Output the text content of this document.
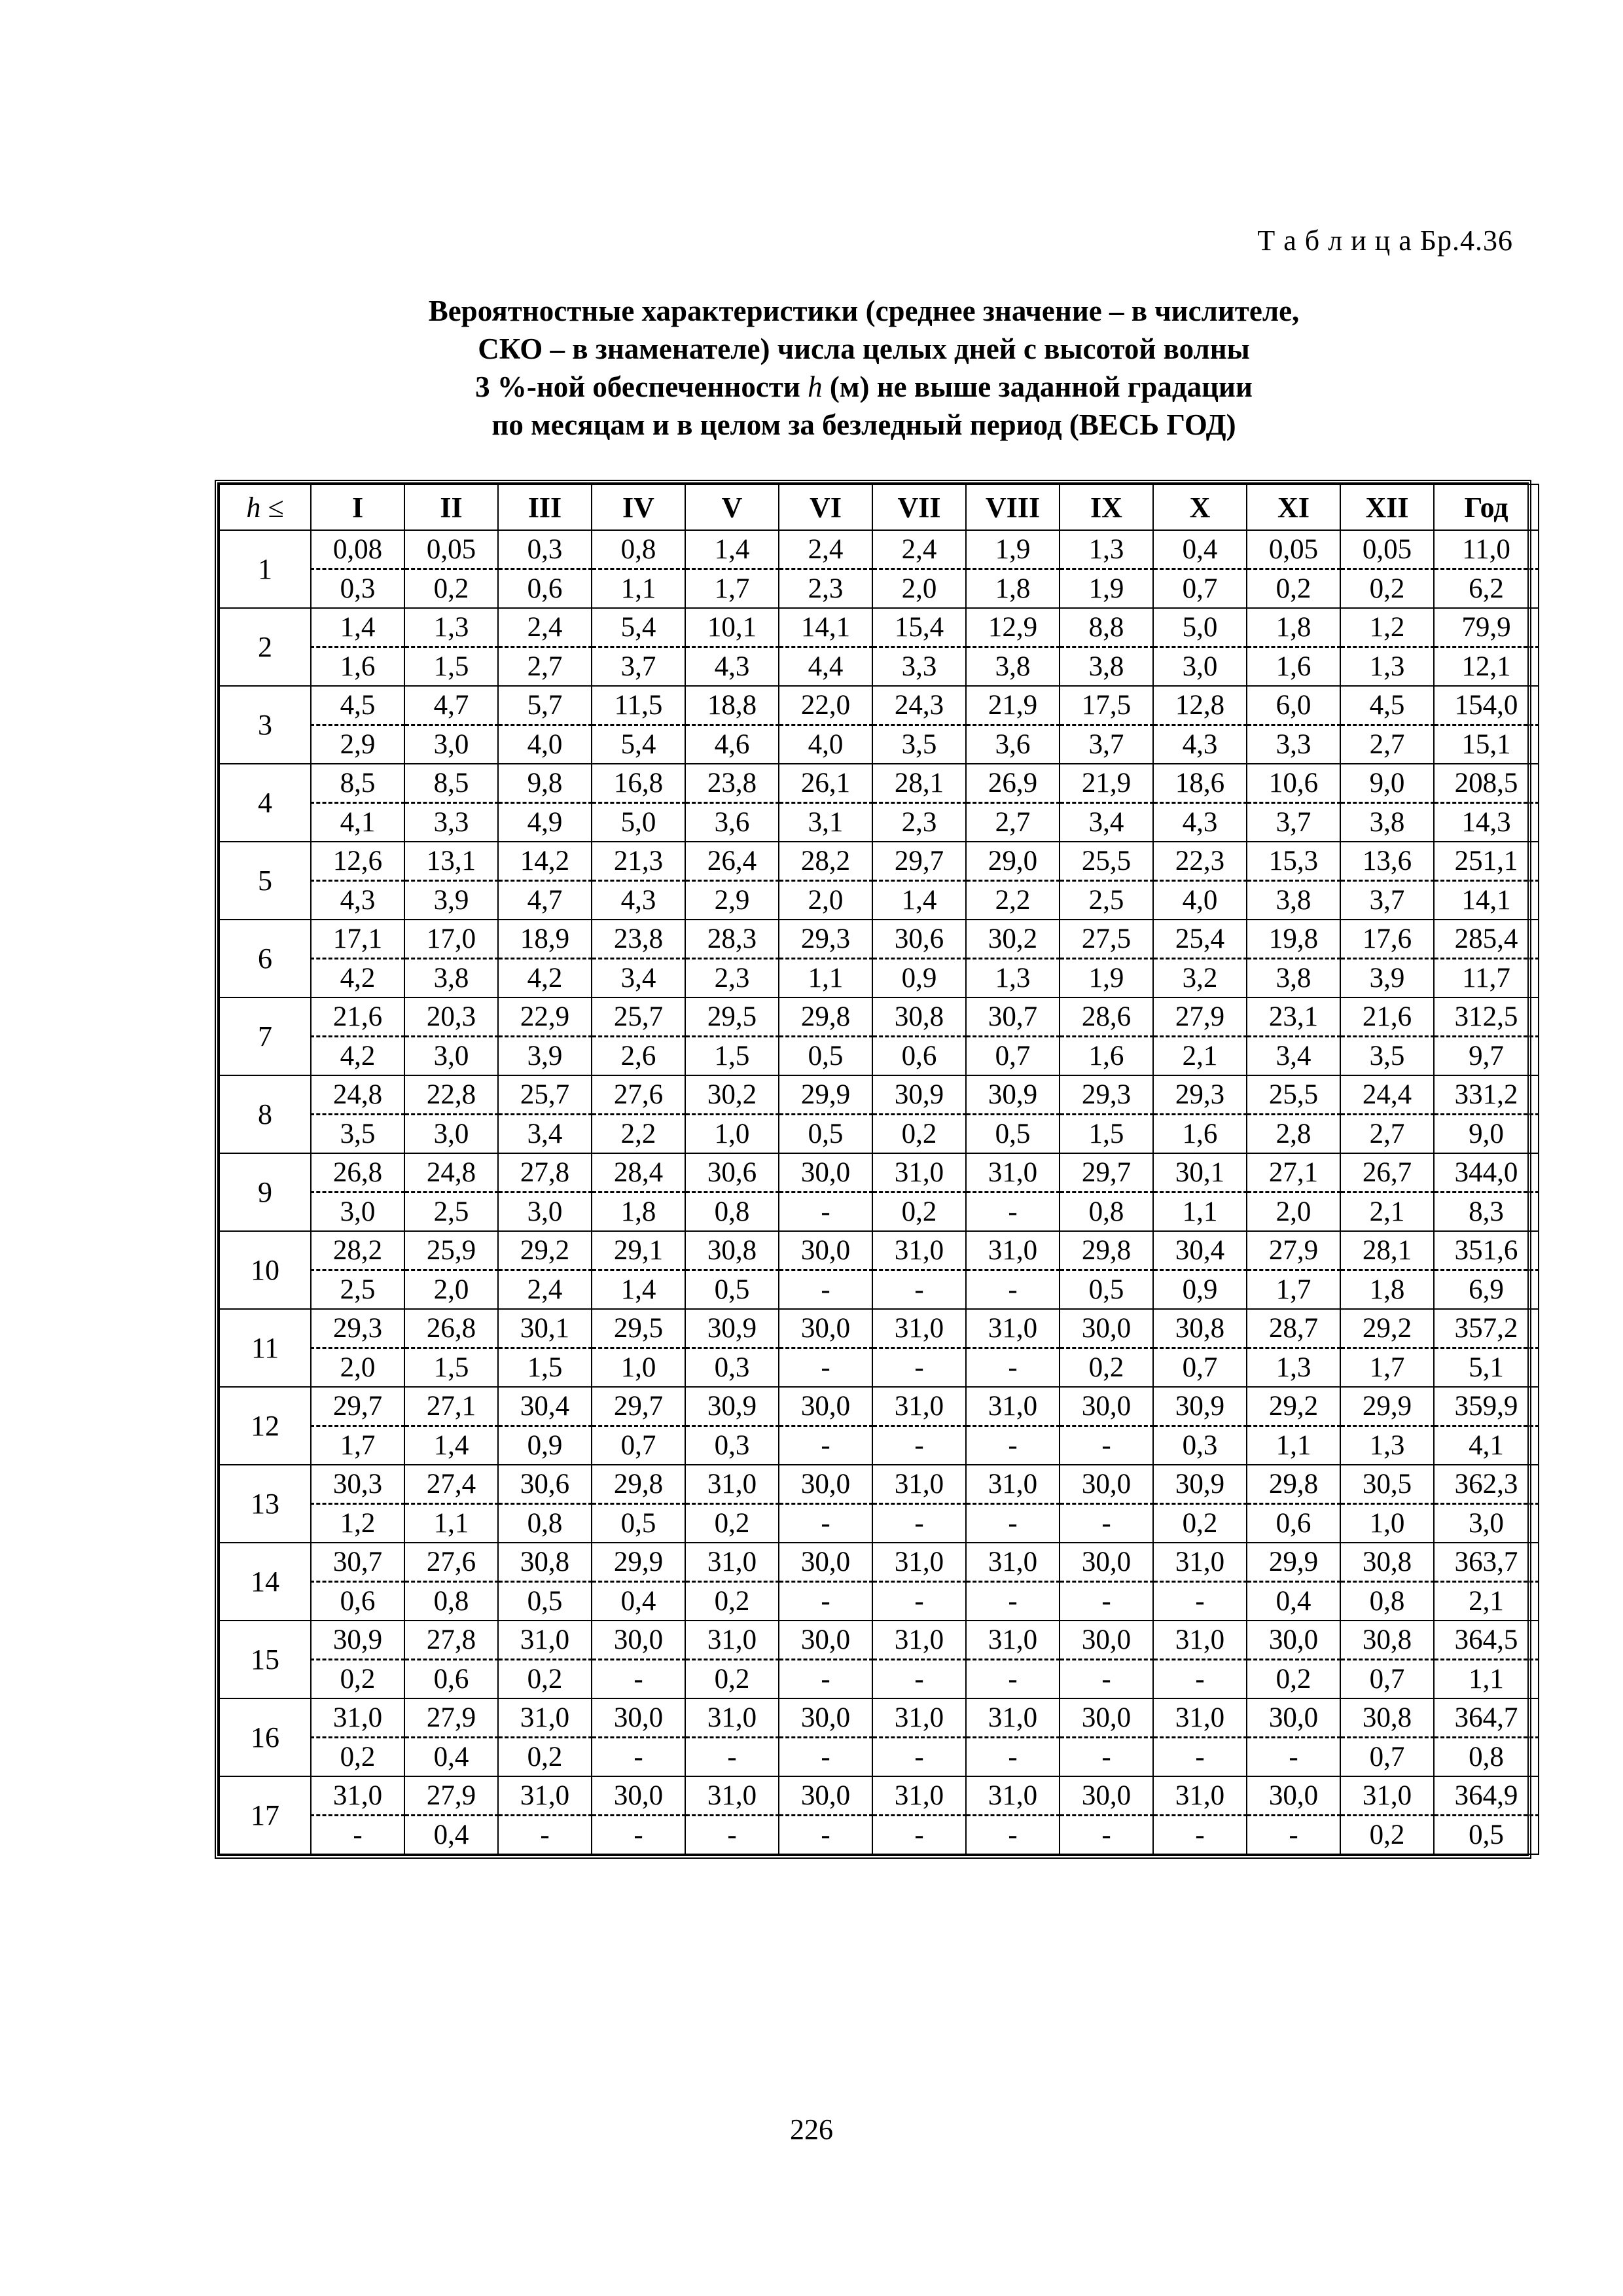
Т а б л и ц а Бр.4.36
Вероятностные характеристики (среднее значение – в числителе,
СКО – в знаменателе) числа целых дней с высотой волны
3 %-ной обеспеченности h (м) не выше заданной градации
по месяцам и в целом за безледный период (ВЕСЬ ГОД)
h ≤	I	II	III	IV	V	VI	VII	VIII	IX	X	XI	XII	Год
1	0,08	0,05	0,3	0,8	1,4	2,4	2,4	1,9	1,3	0,4	0,05	0,05	11,0
	0,3	0,2	0,6	1,1	1,7	2,3	2,0	1,8	1,9	0,7	0,2	0,2	6,2
2	1,4	1,3	2,4	5,4	10,1	14,1	15,4	12,9	8,8	5,0	1,8	1,2	79,9
	1,6	1,5	2,7	3,7	4,3	4,4	3,3	3,8	3,8	3,0	1,6	1,3	12,1
3	4,5	4,7	5,7	11,5	18,8	22,0	24,3	21,9	17,5	12,8	6,0	4,5	154,0
	2,9	3,0	4,0	5,4	4,6	4,0	3,5	3,6	3,7	4,3	3,3	2,7	15,1
4	8,5	8,5	9,8	16,8	23,8	26,1	28,1	26,9	21,9	18,6	10,6	9,0	208,5
	4,1	3,3	4,9	5,0	3,6	3,1	2,3	2,7	3,4	4,3	3,7	3,8	14,3
5	12,6	13,1	14,2	21,3	26,4	28,2	29,7	29,0	25,5	22,3	15,3	13,6	251,1
	4,3	3,9	4,7	4,3	2,9	2,0	1,4	2,2	2,5	4,0	3,8	3,7	14,1
6	17,1	17,0	18,9	23,8	28,3	29,3	30,6	30,2	27,5	25,4	19,8	17,6	285,4
	4,2	3,8	4,2	3,4	2,3	1,1	0,9	1,3	1,9	3,2	3,8	3,9	11,7
7	21,6	20,3	22,9	25,7	29,5	29,8	30,8	30,7	28,6	27,9	23,1	21,6	312,5
	4,2	3,0	3,9	2,6	1,5	0,5	0,6	0,7	1,6	2,1	3,4	3,5	9,7
8	24,8	22,8	25,7	27,6	30,2	29,9	30,9	30,9	29,3	29,3	25,5	24,4	331,2
	3,5	3,0	3,4	2,2	1,0	0,5	0,2	0,5	1,5	1,6	2,8	2,7	9,0
9	26,8	24,8	27,8	28,4	30,6	30,0	31,0	31,0	29,7	30,1	27,1	26,7	344,0
	3,0	2,5	3,0	1,8	0,8	-	0,2	-	0,8	1,1	2,0	2,1	8,3
10	28,2	25,9	29,2	29,1	30,8	30,0	31,0	31,0	29,8	30,4	27,9	28,1	351,6
	2,5	2,0	2,4	1,4	0,5	-	-	-	0,5	0,9	1,7	1,8	6,9
11	29,3	26,8	30,1	29,5	30,9	30,0	31,0	31,0	30,0	30,8	28,7	29,2	357,2
	2,0	1,5	1,5	1,0	0,3	-	-	-	0,2	0,7	1,3	1,7	5,1
12	29,7	27,1	30,4	29,7	30,9	30,0	31,0	31,0	30,0	30,9	29,2	29,9	359,9
	1,7	1,4	0,9	0,7	0,3	-	-	-	-	0,3	1,1	1,3	4,1
13	30,3	27,4	30,6	29,8	31,0	30,0	31,0	31,0	30,0	30,9	29,8	30,5	362,3
	1,2	1,1	0,8	0,5	0,2	-	-	-	-	0,2	0,6	1,0	3,0
14	30,7	27,6	30,8	29,9	31,0	30,0	31,0	31,0	30,0	31,0	29,9	30,8	363,7
	0,6	0,8	0,5	0,4	0,2	-	-	-	-	-	0,4	0,8	2,1
15	30,9	27,8	31,0	30,0	31,0	30,0	31,0	31,0	30,0	31,0	30,0	30,8	364,5
	0,2	0,6	0,2	-	0,2	-	-	-	-	-	0,2	0,7	1,1
16	31,0	27,9	31,0	30,0	31,0	30,0	31,0	31,0	30,0	31,0	30,0	30,8	364,7
	0,2	0,4	0,2	-	-	-	-	-	-	-	-	0,7	0,8
17	31,0	27,9	31,0	30,0	31,0	30,0	31,0	31,0	30,0	31,0	30,0	31,0	364,9
	-	0,4	-	-	-	-	-	-	-	-	-	0,2	0,5
226
